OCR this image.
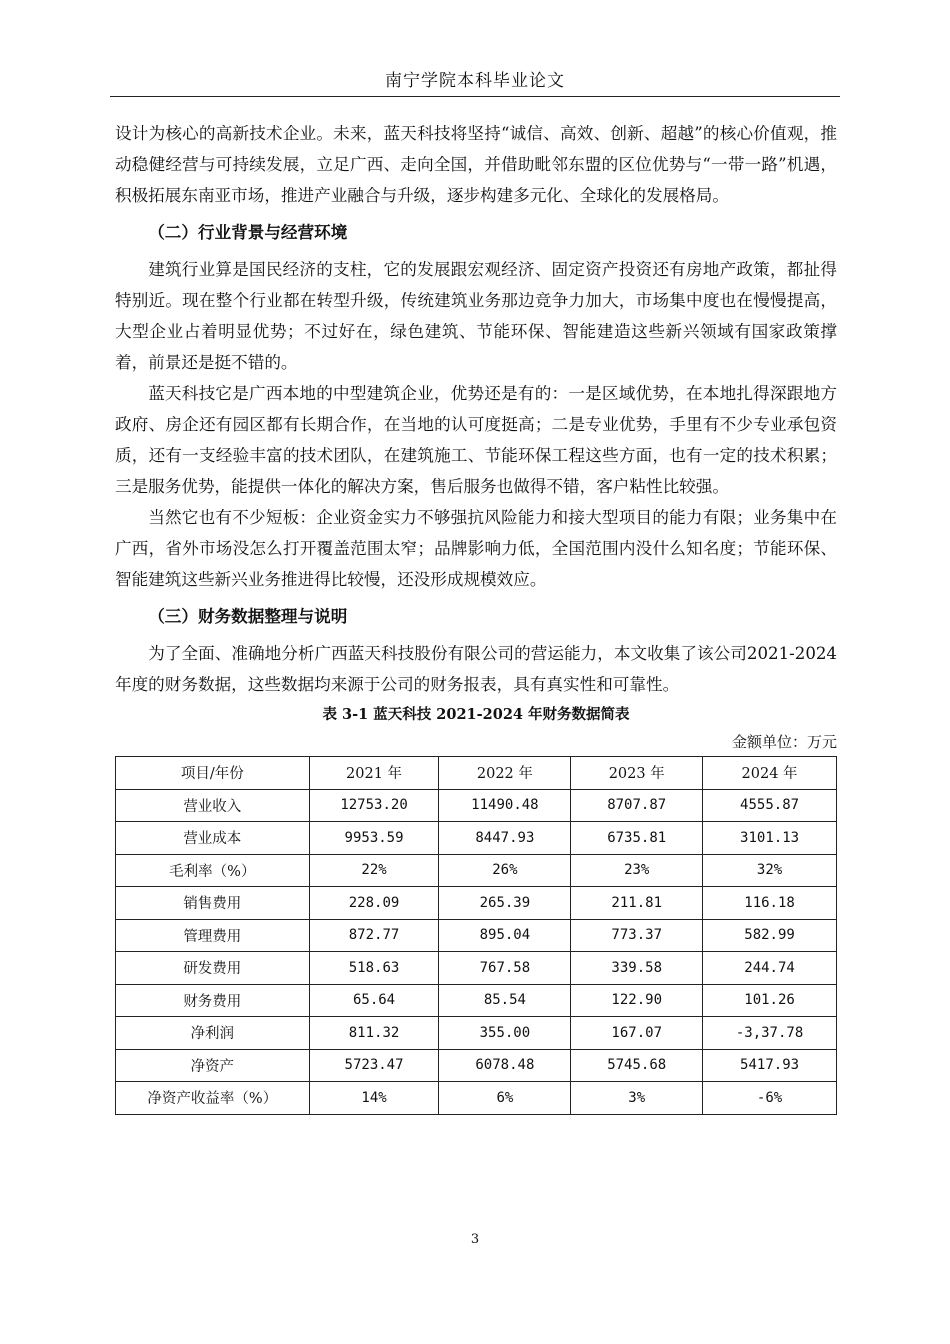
南宁学院本科毕业论文

设计为核心的高新技术企业。未来，蓝天科技将坚持“诚信、高效、创新、超越”的核心价值观，推动稳健经营与可持续发展，立足广西、走向全国，并借助毗邻东盟的区位优势与“一带一路”机遇，积极拓展东南亚市场，推进产业融合与升级，逐步构建多元化、全球化的发展格局。

（二）行业背景与经营环境

建筑行业算是国民经济的支柱，它的发展跟宏观经济、固定资产投资还有房地产政策，都扯得特别近。现在整个行业都在转型升级，传统建筑业务那边竞争力加大，市场集中度也在慢慢提高，大型企业占着明显优势；不过好在，绿色建筑、节能环保、智能建造这些新兴领域有国家政策撑着，前景还是挺不错的。

蓝天科技它是广西本地的中型建筑企业，优势还是有的：一是区域优势，在本地扎得深跟地方政府、房企还有园区都有长期合作，在当地的认可度挺高；二是专业优势，手里有不少专业承包资质，还有一支经验丰富的技术团队，在建筑施工、节能环保工程这些方面，也有一定的技术积累；三是服务优势，能提供一体化的解决方案，售后服务也做得不错，客户粘性比较强。

当然它也有不少短板：企业资金实力不够强抗风险能力和接大型项目的能力有限；业务集中在广西，省外市场没怎么打开覆盖范围太窄；品牌影响力低，全国范围内没什么知名度；节能环保、智能建筑这些新兴业务推进得比较慢，还没形成规模效应。

（三）财务数据整理与说明

为了全面、准确地分析广西蓝天科技股份有限公司的营运能力，本文收集了该公司2021-2024年度的财务数据，这些数据均来源于公司的财务报表，具有真实性和可靠性。

表 3-1 蓝天科技 2021-2024 年财务数据简表
金额单位：万元
项目/年份	2021 年	2022 年	2023 年	2024 年
营业收入	12753.20	11490.48	8707.87	4555.87
营业成本	9953.59	8447.93	6735.81	3101.13
毛利率（%）	22%	26%	23%	32%
销售费用	228.09	265.39	211.81	116.18
管理费用	872.77	895.04	773.37	582.99
研发费用	518.63	767.58	339.58	244.74
财务费用	65.64	85.54	122.90	101.26
净利润	811.32	355.00	167.07	-3,37.78
净资产	5723.47	6078.48	5745.68	5417.93
净资产收益率（%）	14%	6%	3%	-6%
3
